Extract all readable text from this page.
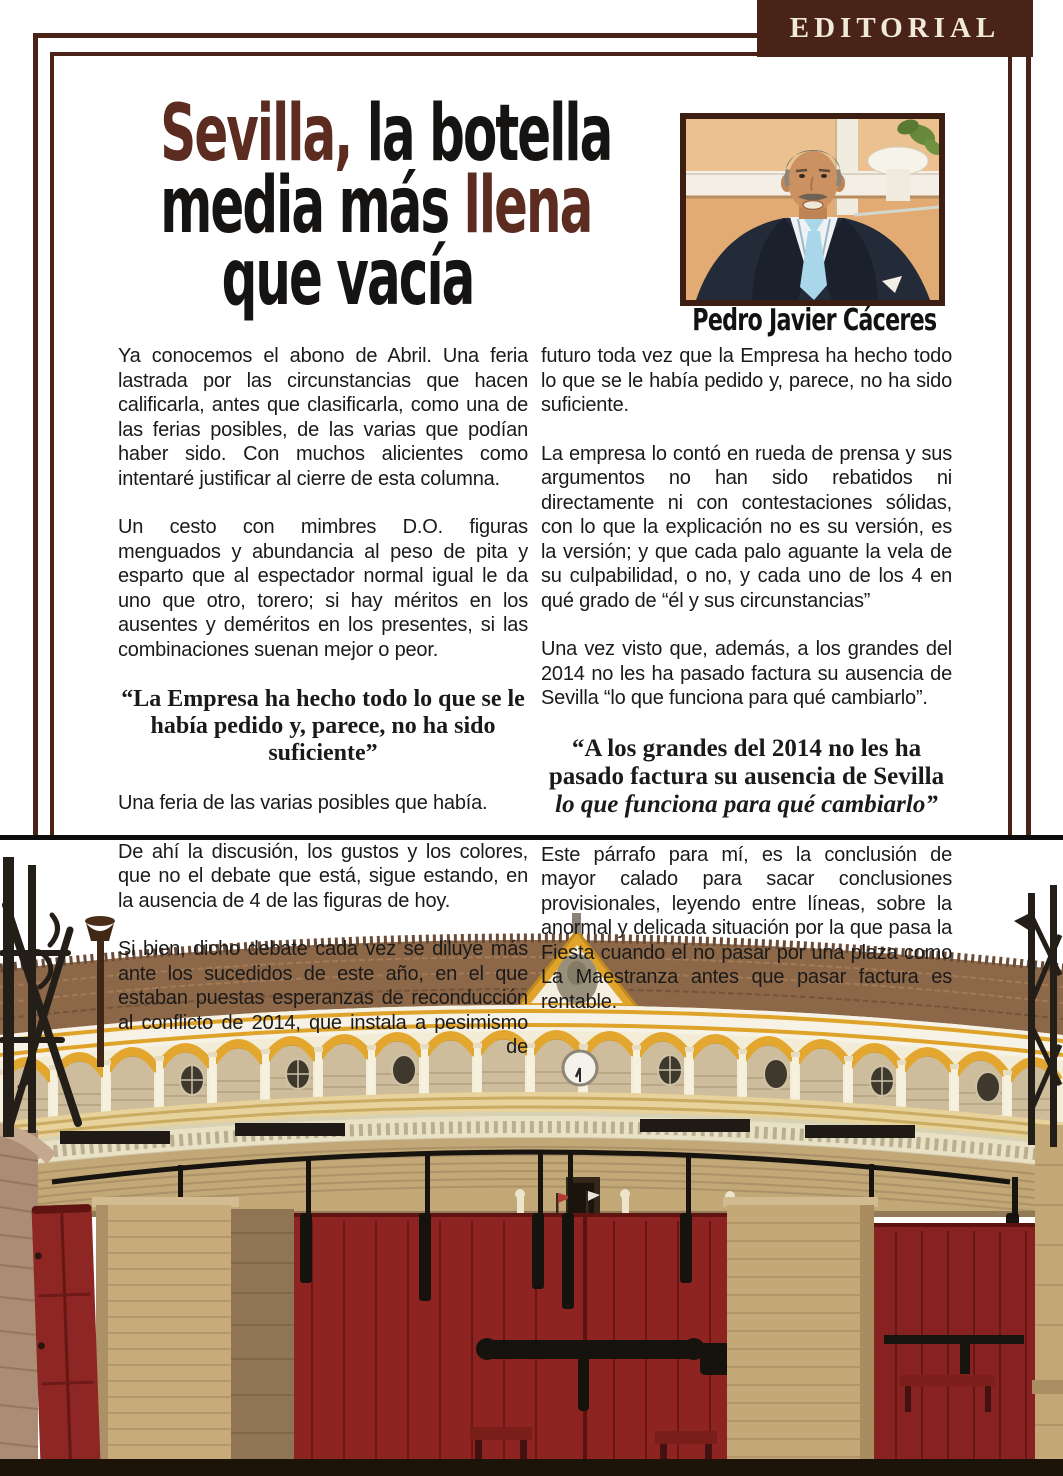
EDITORIAL
Sevilla, la botella
media más llena
que vacía	Pedro Javier Cáceres

Ya conocemos el abono de Abril. Una feria lastrada por las circunstancias que hacen calificarla, antes que clasificarla, como una de las ferias posibles, de las varias que podían haber sido. Con muchos alicientes como intentaré justificar al cierre de esta columna.

Un cesto con mimbres D.O. figuras menguados y abundancia al peso de pita y esparto que al espectador normal igual le da uno que otro, torero; si hay méritos en los ausentes y deméritos en los presentes, si las combinaciones suenan mejor o peor.

“La Empresa ha hecho todo lo que se le había pedido y, parece, no ha sido suficiente”

Una feria de las varias posibles que había.

De ahí la discusión, los gustos y los colores, que no el debate que está, sigue estando, en la ausencia de 4 de las figuras de hoy.

Si bien, dicho debate cada vez se diluye más ante los sucedidos de este año, en el que estaban puestas esperanzas de reconducción al conflicto de 2014, que instala a pesimismo de

futuro toda vez que la Empresa ha hecho todo lo que se le había pedido y, parece, no ha sido suficiente.

La empresa lo contó en rueda de prensa y sus argumentos no han sido rebatidos ni directamente ni con contestaciones sólidas, con lo que la explicación no es su versión, es la versión; y que cada palo aguante la vela de su culpabilidad, o no, y cada uno de los 4 en qué grado de “él y sus circunstancias”

Una vez visto que, además, a los grandes del 2014 no les ha pasado factura su ausencia de Sevilla “lo que funciona para qué cambiarlo”.

“A los grandes del 2014 no les ha pasado factura su ausencia de Sevilla lo que funciona para qué cambiarlo”

Este párrafo para mí, es la conclusión de mayor calado para sacar conclusiones provisionales, leyendo entre líneas, sobre la anormal y delicada situación por la que pasa la Fiesta cuando el no pasar por una plaza como La Maestranza antes que pasar factura es rentable.
